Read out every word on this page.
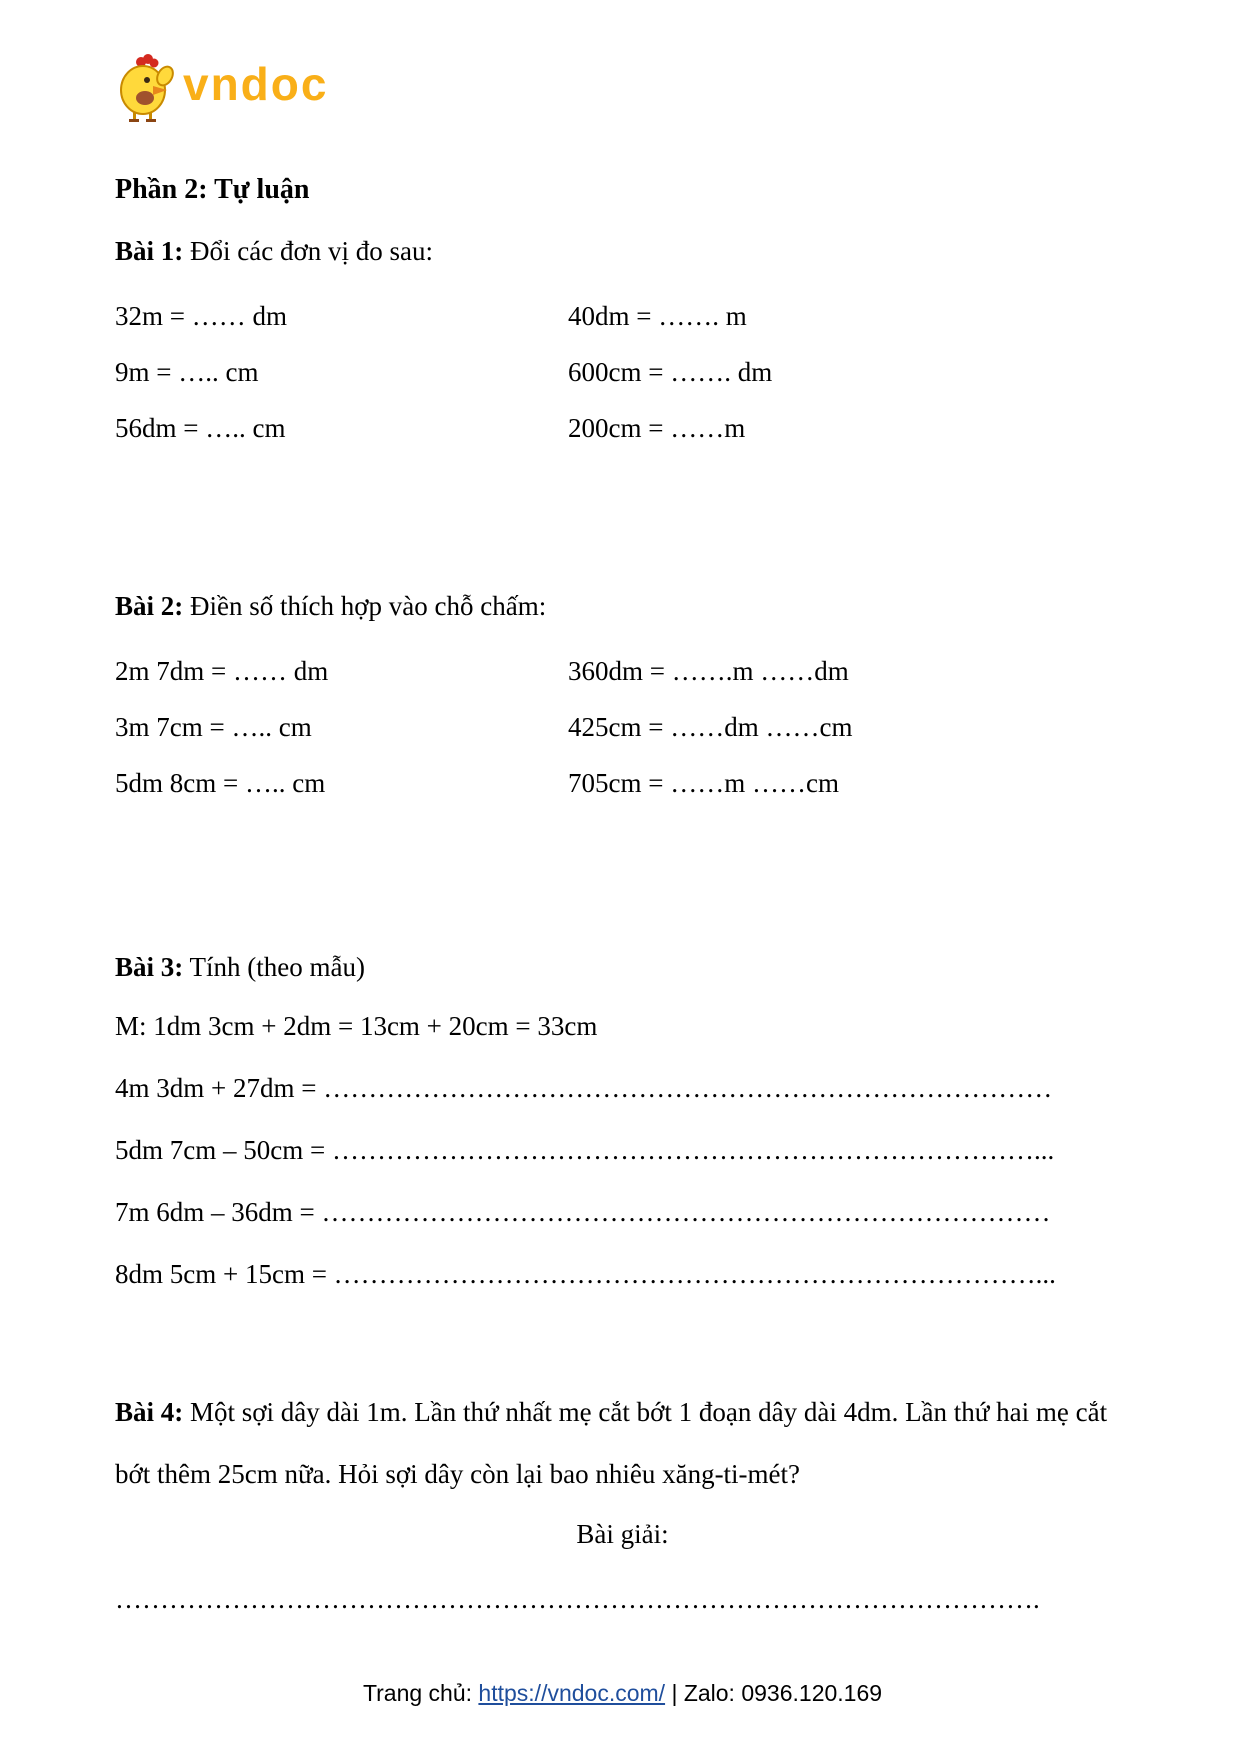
vndoc
Phần 2: Tự luận
Bài 1: Đổi các đơn vị đo sau:
32m = …… dm	40dm = ……. m
9m = ….. cm	600cm = ……. dm
56dm = ….. cm	200cm = ……m
Bài 2: Điền số thích hợp vào chỗ chấm:
2m 7dm = …… dm	360dm = …….m ……dm
3m 7cm = ….. cm	425cm = ……dm ……cm
5dm 8cm = ….. cm	705cm = ……m ……cm
Bài 3: Tính (theo mẫu)
M: 1dm 3cm + 2dm = 13cm + 20cm = 33cm
4m 3dm + 27dm = ………………………………………………………………………
5dm 7cm – 50cm = ……………………………………………………………………...
7m 6dm – 36dm = ………………………………………………………………………
8dm 5cm + 15cm = ……………………………………………………………………...
Bài 4: Một sợi dây dài 1m. Lần thứ nhất mẹ cắt bớt 1 đoạn dây dài 4dm. Lần thứ hai mẹ cắt bớt thêm 25cm nữa. Hỏi sợi dây còn lại bao nhiêu xăng-ti-mét?
Bài giải:
………………………………………………………………………………………….
Trang chủ: https://vndoc.com/ | Zalo: 0936.120.169
